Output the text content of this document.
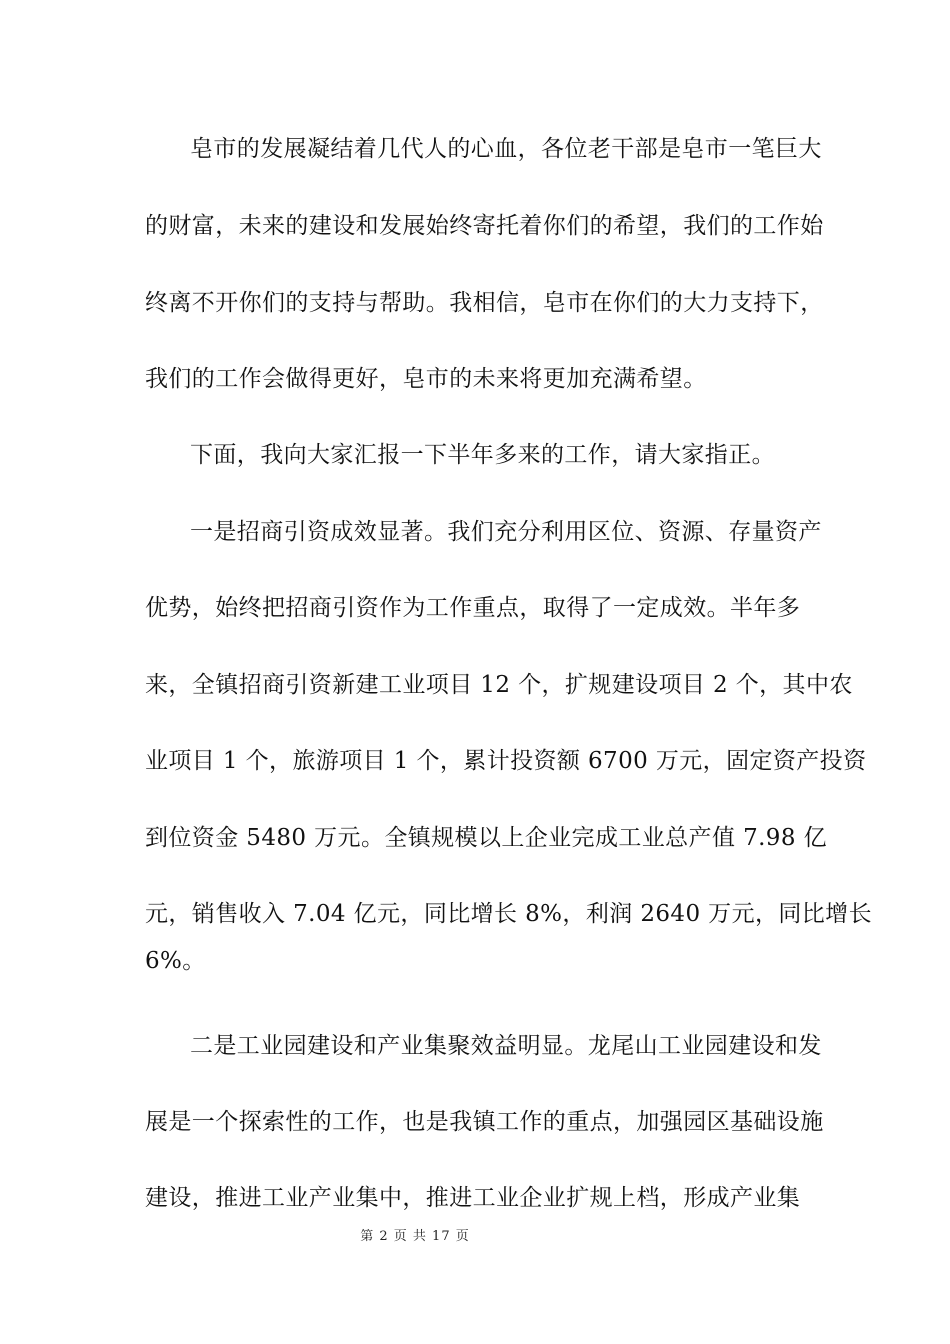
皂市的发展凝结着几代人的心血，各位老干部是皂市一笔巨大
的财富，未来的建设和发展始终寄托着你们的希望，我们的工作始
终离不开你们的支持与帮助。我相信，皂市在你们的大力支持下，
我们的工作会做得更好，皂市的未来将更加充满希望。
下面，我向大家汇报一下半年多来的工作，请大家指正。
一是招商引资成效显著。我们充分利用区位、资源、存量资产
优势，始终把招商引资作为工作重点，取得了一定成效。半年多
来，全镇招商引资新建工业项目 12 个，扩规建设项目 2 个，其中农
业项目 1 个，旅游项目 1 个，累计投资额 6700 万元，固定资产投资
到位资金 5480 万元。全镇规模以上企业完成工业总产值 7.98 亿
元，销售收入 7.04 亿元，同比增长 8%，利润 2640 万元，同比增长
6%。
二是工业园建设和产业集聚效益明显。龙尾山工业园建设和发
展是一个探索性的工作，也是我镇工作的重点，加强园区基础设施
建设，推进工业产业集中，推进工业企业扩规上档，形成产业集
第 2 页 共 17 页
